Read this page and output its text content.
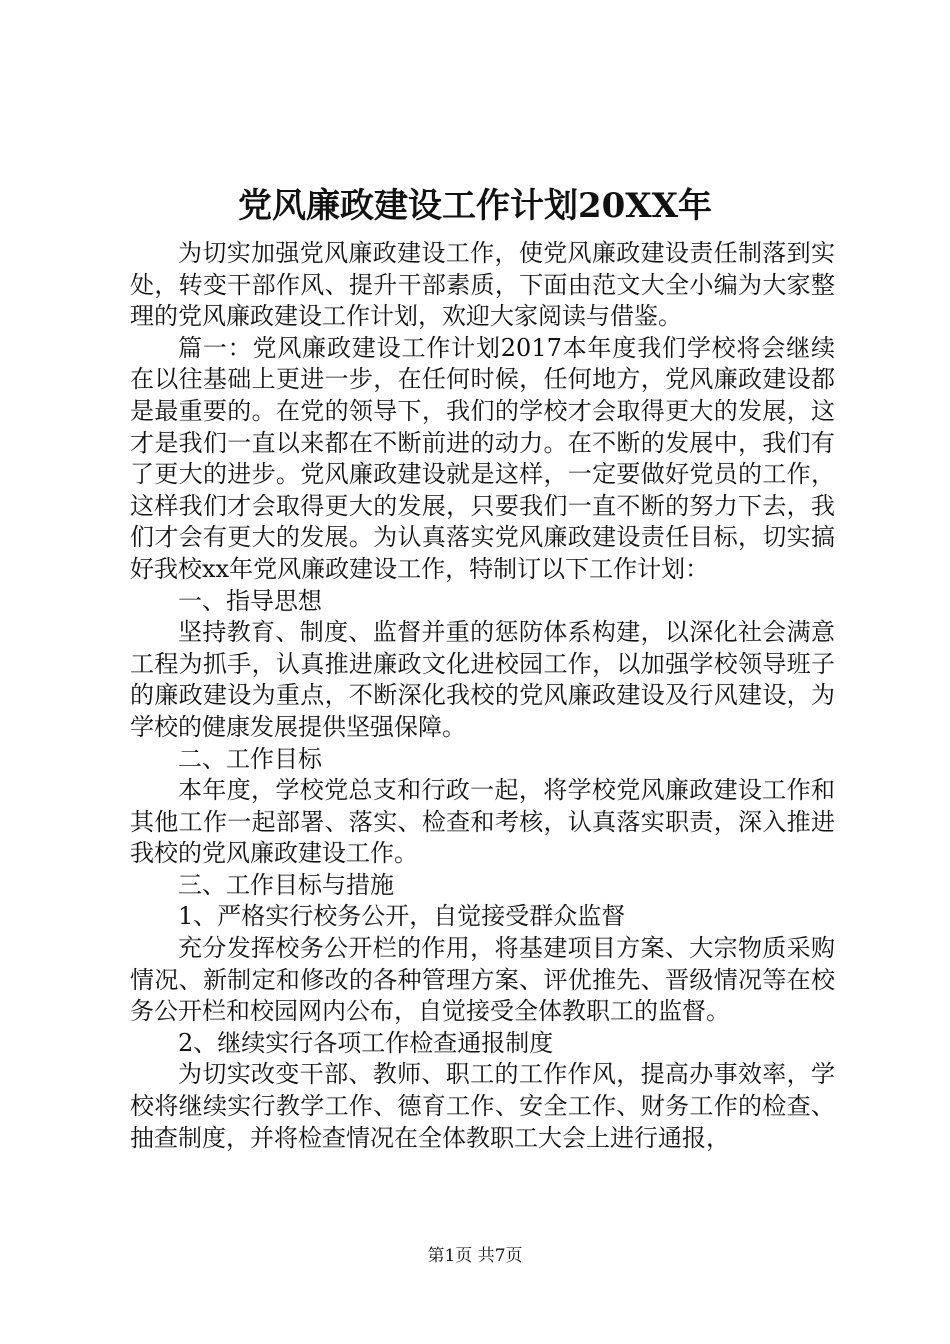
党风廉政建设工作计划20XX年

为切实加强党风廉政建设工作，使党风廉政建设责任制落到实处，转变干部作风、提升干部素质，下面由范文大全小编为大家整理的党风廉政建设工作计划，欢迎大家阅读与借鉴。

篇一：党风廉政建设工作计划2017本年度我们学校将会继续在以往基础上更进一步，在任何时候，任何地方，党风廉政建设都是最重要的。在党的领导下，我们的学校才会取得更大的发展，这才是我们一直以来都在不断前进的动力。在不断的发展中，我们有了更大的进步。党风廉政建设就是这样，一定要做好党员的工作，这样我们才会取得更大的发展，只要我们一直不断的努力下去，我们才会有更大的发展。为认真落实党风廉政建设责任目标，切实搞好我校xx年党风廉政建设工作，特制订以下工作计划：

一、指导思想

坚持教育、制度、监督并重的惩防体系构建，以深化社会满意工程为抓手，认真推进廉政文化进校园工作，以加强学校领导班子的廉政建设为重点，不断深化我校的党风廉政建设及行风建设，为学校的健康发展提供坚强保障。

二、工作目标

本年度，学校党总支和行政一起，将学校党风廉政建设工作和其他工作一起部署、落实、检查和考核，认真落实职责，深入推进我校的党风廉政建设工作。

三、工作目标与措施

1、严格实行校务公开，自觉接受群众监督

充分发挥校务公开栏的作用，将基建项目方案、大宗物质采购情况、新制定和修改的各种管理方案、评优推先、晋级情况等在校务公开栏和校园网内公布，自觉接受全体教职工的监督。

2、继续实行各项工作检查通报制度

为切实改变干部、教师、职工的工作作风，提高办事效率，学校将继续实行教学工作、德育工作、安全工作、财务工作的检查、抽查制度，并将检查情况在全体教职工大会上进行通报，

第1页 共7页
